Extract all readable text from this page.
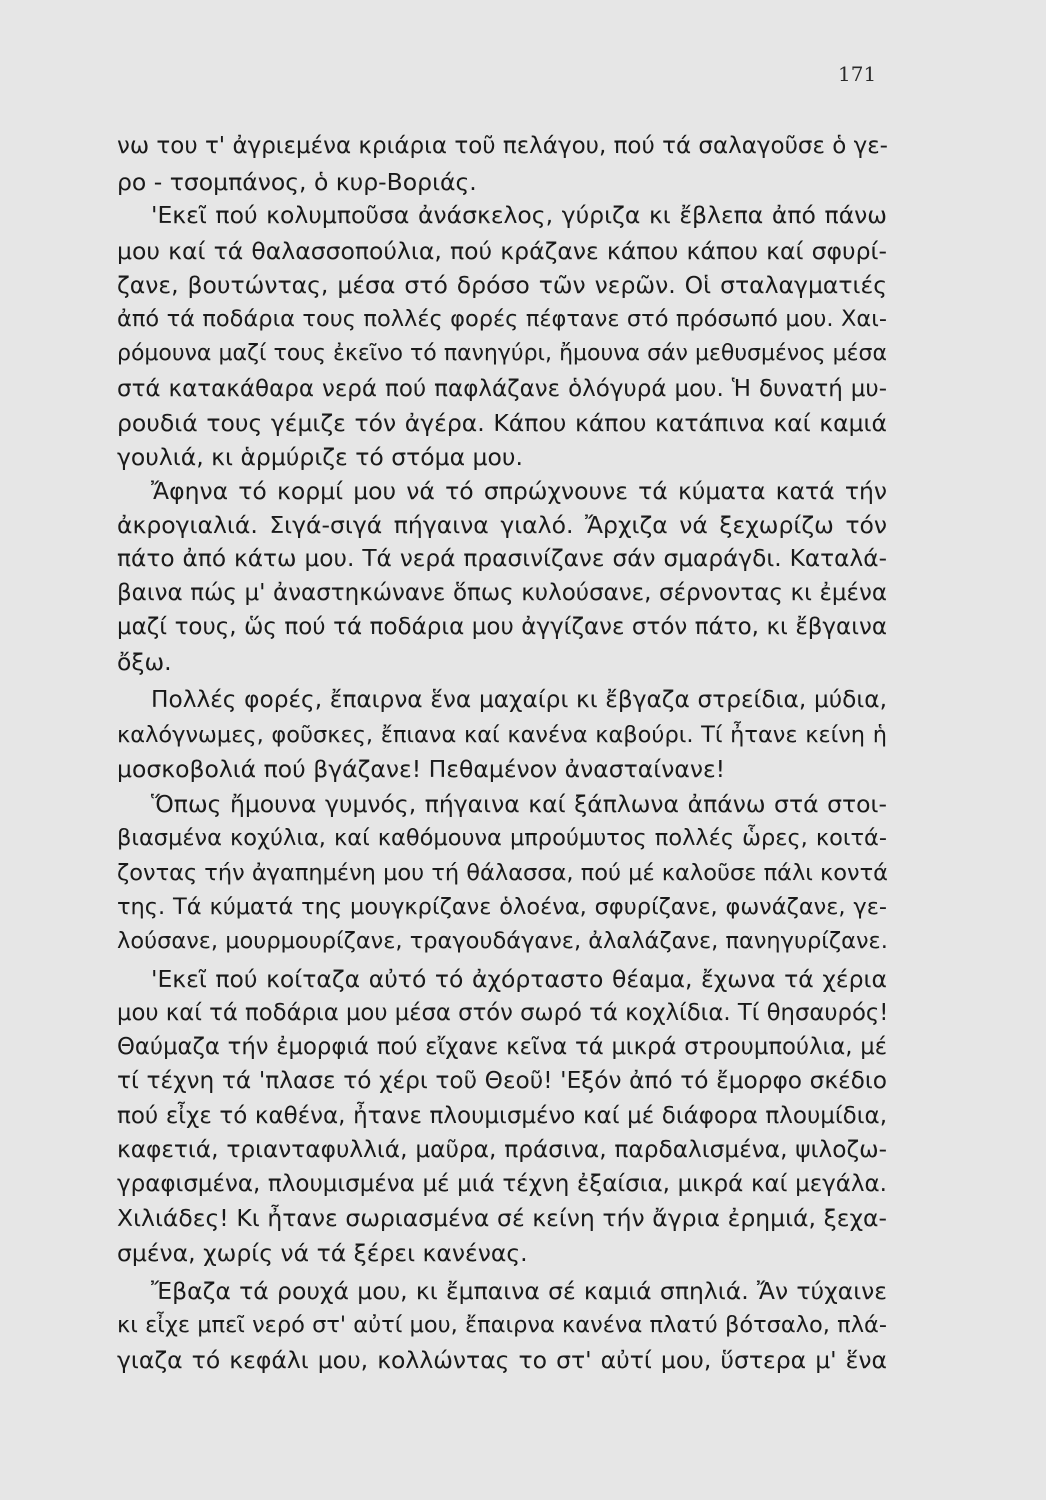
171
νω του τ' ἀγριεμένα κριάρια τοῦ πελάγου, πού τά σαλαγοῦσε ὁ γε-
ρο - τσομπάνος, ὁ κυρ-Βοριάς.
'Εκεῖ πού κολυμποῦσα ἀνάσκελος, γύριζα κι ἔβλεπα ἀπό πάνω
μου καί τά θαλασσοπούλια, πού κράζανε κάπου κάπου καί σφυρί-
ζανε, βουτώντας, μέσα στό δρόσο τῶν νερῶν. Οἱ σταλαγματιές
ἀπό τά ποδάρια τους πολλές φορές πέφτανε στό πρόσωπό μου. Χαι-
ρόμουνα μαζί τους ἐκεῖνο τό πανηγύρι, ἤμουνα σάν μεθυσμένος μέσα
στά κατακάθαρα νερά πού παφλάζανε ὁλόγυρά μου. Ἡ δυνατή μυ-
ρουδιά τους γέμιζε τόν ἀγέρα. Κάπου κάπου κατάπινα καί καμιά
γουλιά, κι ἁρμύριζε τό στόμα μου.
Ἄφηνα τό κορμί μου νά τό σπρώχνουνε τά κύματα κατά τήν
ἀκρογιαλιά. Σιγά-σιγά πήγαινα γιαλό. Ἄρχιζα νά ξεχωρίζω τόν
πάτο ἀπό κάτω μου. Τά νερά πρασινίζανε σάν σμαράγδι. Καταλά-
βαινα πώς μ' ἀναστηκώνανε ὅπως κυλούσανε, σέρνοντας κι ἐμένα
μαζί τους, ὥς πού τά ποδάρια μου ἀγγίζανε στόν πάτο, κι ἔβγαινα
ὄξω.
Πολλές φορές, ἔπαιρνα ἕνα μαχαίρι κι ἔβγαζα στρείδια, μύδια,
καλόγνωμες, φοῦσκες, ἔπιανα καί κανένα καβούρι. Τί ἦτανε κείνη ἡ
μοσκοβολιά πού βγάζανε! Πεθαμένον ἀνασταίνανε!
Ὅπως ἤμουνα γυμνός, πήγαινα καί ξάπλωνα ἀπάνω στά στοι-
βιασμένα κοχύλια, καί καθόμουνα μπρούμυτος πολλές ὧρες, κοιτά-
ζοντας τήν ἀγαπημένη μου τή θάλασσα, πού μέ καλοῦσε πάλι κοντά
της. Τά κύματά της μουγκρίζανε ὁλοένα, σφυρίζανε, φωνάζανε, γε-
λούσανε, μουρμουρίζανε, τραγουδάγανε, ἀλαλάζανε, πανηγυρίζανε.
'Εκεῖ πού κοίταζα αὐτό τό ἀχόρταστο θέαμα, ἔχωνα τά χέρια
μου καί τά ποδάρια μου μέσα στόν σωρό τά κοχλίδια. Τί θησαυρός!
Θαύμαζα τήν ἐμορφιά πού εἴχανε κεῖνα τά μικρά στρουμπούλια, μέ
τί τέχνη τά 'πλασε τό χέρι τοῦ Θεοῦ! 'Εξόν ἀπό τό ἔμορφο σκέδιο
πού εἶχε τό καθένα, ἦτανε πλουμισμένο καί μέ διάφορα πλουμίδια,
καφετιά, τριανταφυλλιά, μαῦρα, πράσινα, παρδαλισμένα, ψιλοζω-
γραφισμένα, πλουμισμένα μέ μιά τέχνη ἐξαίσια, μικρά καί μεγάλα.
Χιλιάδες! Κι ἦτανε σωριασμένα σέ κείνη τήν ἄγρια ἐρημιά, ξεχα-
σμένα, χωρίς νά τά ξέρει κανένας.
Ἔβαζα τά ρουχά μου, κι ἔμπαινα σέ καμιά σπηλιά. Ἄν τύχαινε
κι εἶχε μπεῖ νερό στ' αὐτί μου, ἔπαιρνα κανένα πλατύ βότσαλο, πλά-
γιαζα τό κεφάλι μου, κολλώντας το στ' αὐτί μου, ὕστερα μ' ἕνα
